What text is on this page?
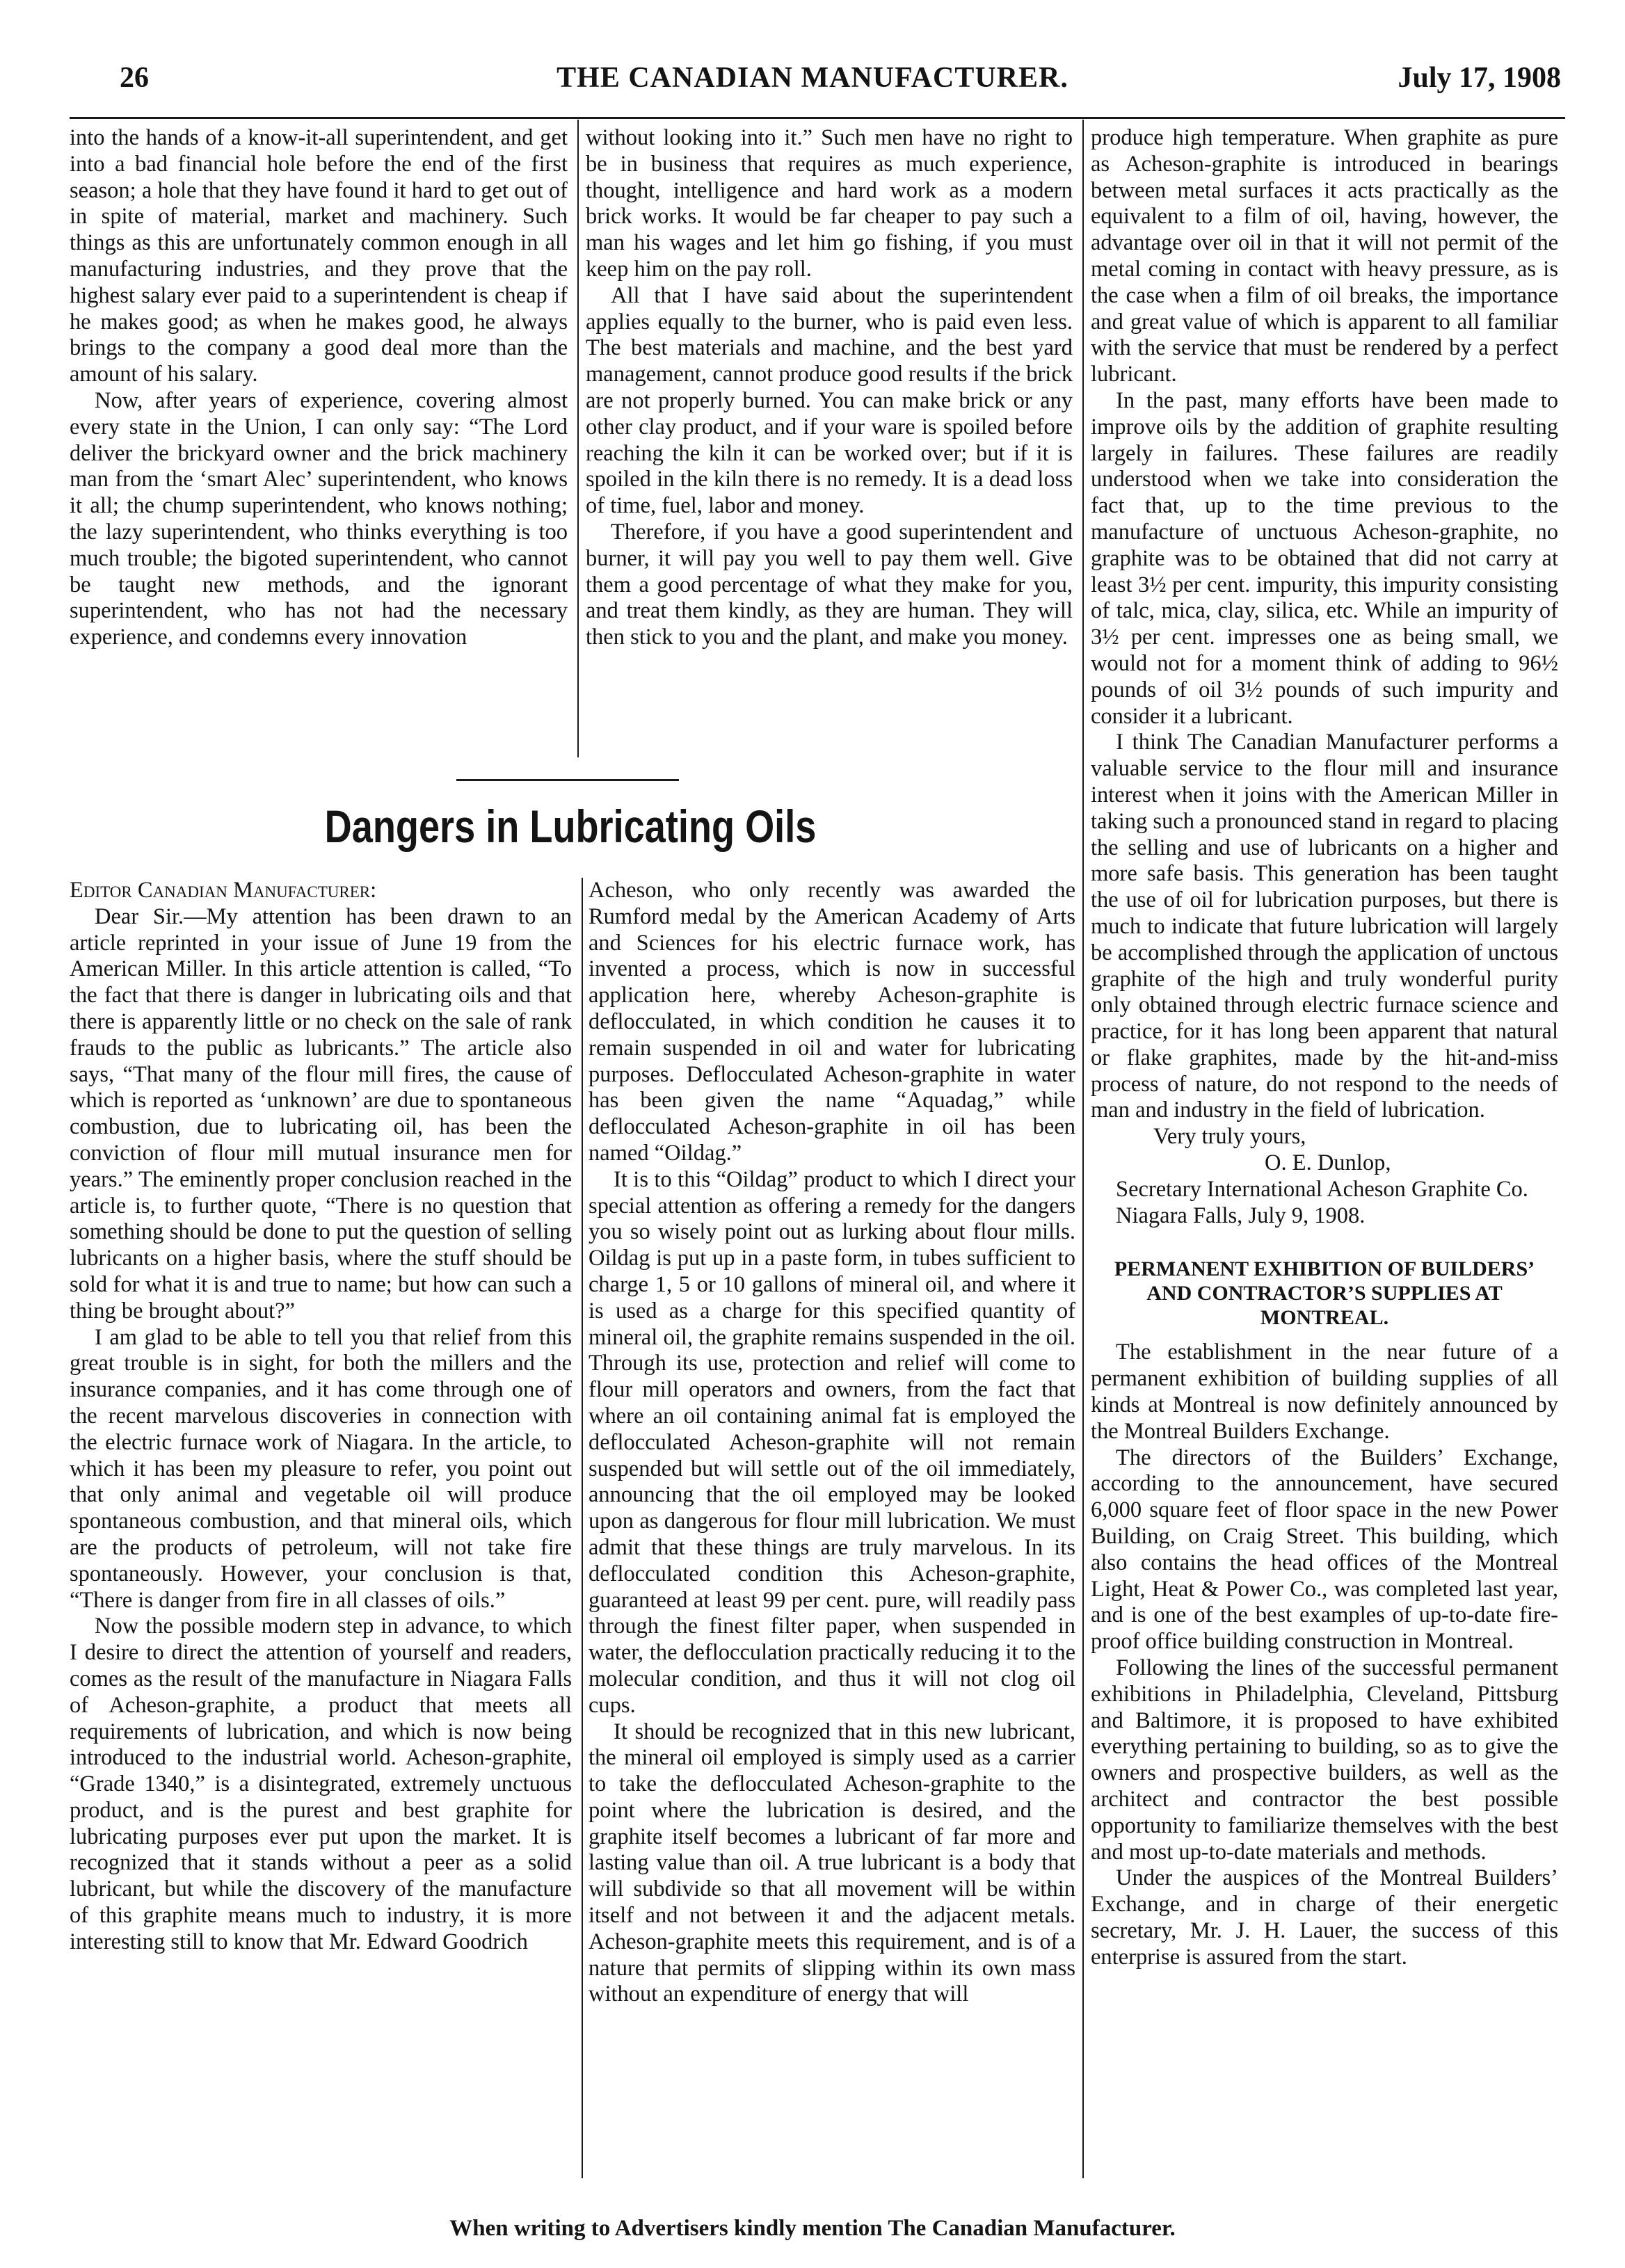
26	THE CANADIAN MANUFACTURER.	July 17, 1908

into the hands of a know-it-all superintendent, and get into a bad financial hole before the end of the first season; a hole that they have found it hard to get out of in spite of material, market and machinery. Such things as this are unfortunately common enough in all manufacturing industries, and they prove that the highest salary ever paid to a superintendent is cheap if he makes good; as when he makes good, he always brings to the company a good deal more than the amount of his salary.

Now, after years of experience, covering almost every state in the Union, I can only say: “The Lord deliver the brickyard owner and the brick machinery man from the ‘smart Alec’ superintendent, who knows it all; the chump superintendent, who knows nothing; the lazy superintendent, who thinks everything is too much trouble; the bigoted superintendent, who cannot be taught new methods, and the ignorant superintendent, who has not had the necessary experience, and condemns every innovation

without looking into it.” Such men have no right to be in business that requires as much experience, thought, intelligence and hard work as a modern brick works. It would be far cheaper to pay such a man his wages and let him go fishing, if you must keep him on the pay roll.

All that I have said about the superintendent applies equally to the burner, who is paid even less. The best materials and machine, and the best yard management, cannot produce good results if the brick are not properly burned. You can make brick or any other clay product, and if your ware is spoiled before reaching the kiln it can be worked over; but if it is spoiled in the kiln there is no remedy. It is a dead loss of time, fuel, labor and money.

Therefore, if you have a good superintendent and burner, it will pay you well to pay them well. Give them a good percentage of what they make for you, and treat them kindly, as they are human. They will then stick to you and the plant, and make you money.

Dangers in Lubricating Oils

Editor Canadian Manufacturer:

Dear Sir.—My attention has been drawn to an article reprinted in your issue of June 19 from the American Miller. In this article attention is called, “To the fact that there is danger in lubricating oils and that there is apparently little or no check on the sale of rank frauds to the public as lubricants.” The article also says, “That many of the flour mill fires, the cause of which is reported as ‘unknown’ are due to spontaneous combustion, due to lubricating oil, has been the conviction of flour mill mutual insurance men for years.” The eminently proper conclusion reached in the article is, to further quote, “There is no question that something should be done to put the question of selling lubricants on a higher basis, where the stuff should be sold for what it is and true to name; but how can such a thing be brought about?”

I am glad to be able to tell you that relief from this great trouble is in sight, for both the millers and the insurance companies, and it has come through one of the recent marvelous discoveries in connection with the electric furnace work of Niagara. In the article, to which it has been my pleasure to refer, you point out that only animal and vegetable oil will produce spontaneous combustion, and that mineral oils, which are the products of petroleum, will not take fire spontaneously. However, your conclusion is that, “There is danger from fire in all classes of oils.”

Now the possible modern step in advance, to which I desire to direct the attention of yourself and readers, comes as the result of the manufacture in Niagara Falls of Acheson-graphite, a product that meets all requirements of lubrication, and which is now being introduced to the industrial world. Acheson-graphite, “Grade 1340,” is a disintegrated, extremely unctuous product, and is the purest and best graphite for lubricating purposes ever put upon the market. It is recognized that it stands without a peer as a solid lubricant, but while the discovery of the manufacture of this graphite means much to industry, it is more interesting still to know that Mr. Edward Goodrich

Acheson, who only recently was awarded the Rumford medal by the American Academy of Arts and Sciences for his electric furnace work, has invented a process, which is now in successful application here, whereby Acheson-graphite is deflocculated, in which condition he causes it to remain suspended in oil and water for lubricating purposes. Deflocculated Acheson-graphite in water has been given the name “Aquadag,” while deflocculated Acheson-graphite in oil has been named “Oildag.”

It is to this “Oildag” product to which I direct your special attention as offering a remedy for the dangers you so wisely point out as lurking about flour mills. Oildag is put up in a paste form, in tubes sufficient to charge 1, 5 or 10 gallons of mineral oil, and where it is used as a charge for this specified quantity of mineral oil, the graphite remains suspended in the oil. Through its use, protection and relief will come to flour mill operators and owners, from the fact that where an oil containing animal fat is employed the deflocculated Acheson-graphite will not remain suspended but will settle out of the oil immediately, announcing that the oil employed may be looked upon as dangerous for flour mill lubrication. We must admit that these things are truly marvelous. In its deflocculated condition this Acheson-graphite, guaranteed at least 99 per cent. pure, will readily pass through the finest filter paper, when suspended in water, the deflocculation practically reducing it to the molecular condition, and thus it will not clog oil cups.

It should be recognized that in this new lubricant, the mineral oil employed is simply used as a carrier to take the deflocculated Acheson-graphite to the point where the lubrication is desired, and the graphite itself becomes a lubricant of far more and lasting value than oil. A true lubricant is a body that will subdivide so that all movement will be within itself and not between it and the adjacent metals. Acheson-graphite meets this requirement, and is of a nature that permits of slipping within its own mass without an expenditure of energy that will

produce high temperature. When graphite as pure as Acheson-graphite is introduced in bearings between metal surfaces it acts practically as the equivalent to a film of oil, having, however, the advantage over oil in that it will not permit of the metal coming in contact with heavy pressure, as is the case when a film of oil breaks, the importance and great value of which is apparent to all familiar with the service that must be rendered by a perfect lubricant.

In the past, many efforts have been made to improve oils by the addition of graphite resulting largely in failures. These failures are readily understood when we take into consideration the fact that, up to the time previous to the manufacture of unctuous Acheson-graphite, no graphite was to be obtained that did not carry at least 3½ per cent. impurity, this impurity consisting of talc, mica, clay, silica, etc. While an impurity of 3½ per cent. impresses one as being small, we would not for a moment think of adding to 96½ pounds of oil 3½ pounds of such impurity and consider it a lubricant.

I think The Canadian Manufacturer performs a valuable service to the flour mill and insurance interest when it joins with the American Miller in taking such a pronounced stand in regard to placing the selling and use of lubricants on a higher and more safe basis. This generation has been taught the use of oil for lubrication purposes, but there is much to indicate that future lubrication will largely be accomplished through the application of unctous graphite of the high and truly wonderful purity only obtained through electric furnace science and practice, for it has long been apparent that natural or flake graphites, made by the hit-and-miss process of nature, do not respond to the needs of man and industry in the field of lubrication.

Very truly yours,

O. E. Dunlop,

Secretary International Acheson Graphite Co.

Niagara Falls, July 9, 1908.

PERMANENT EXHIBITION OF BUILDERS’ AND CONTRACTOR’S SUPPLIES AT MONTREAL.

The establishment in the near future of a permanent exhibition of building supplies of all kinds at Montreal is now definitely announced by the Montreal Builders Exchange.

The directors of the Builders’ Exchange, according to the announcement, have secured 6,000 square feet of floor space in the new Power Building, on Craig Street. This building, which also contains the head offices of the Montreal Light, Heat & Power Co., was completed last year, and is one of the best examples of up-to-date fire-proof office building construction in Montreal.

Following the lines of the successful permanent exhibitions in Philadelphia, Cleveland, Pittsburg and Baltimore, it is proposed to have exhibited everything pertaining to building, so as to give the owners and prospective builders, as well as the architect and contractor the best possible opportunity to familiarize themselves with the best and most up-to-date materials and methods.

Under the auspices of the Montreal Builders’ Exchange, and in charge of their energetic secretary, Mr. J. H. Lauer, the success of this enterprise is assured from the start.

When writing to Advertisers kindly mention The Canadian Manufacturer.
